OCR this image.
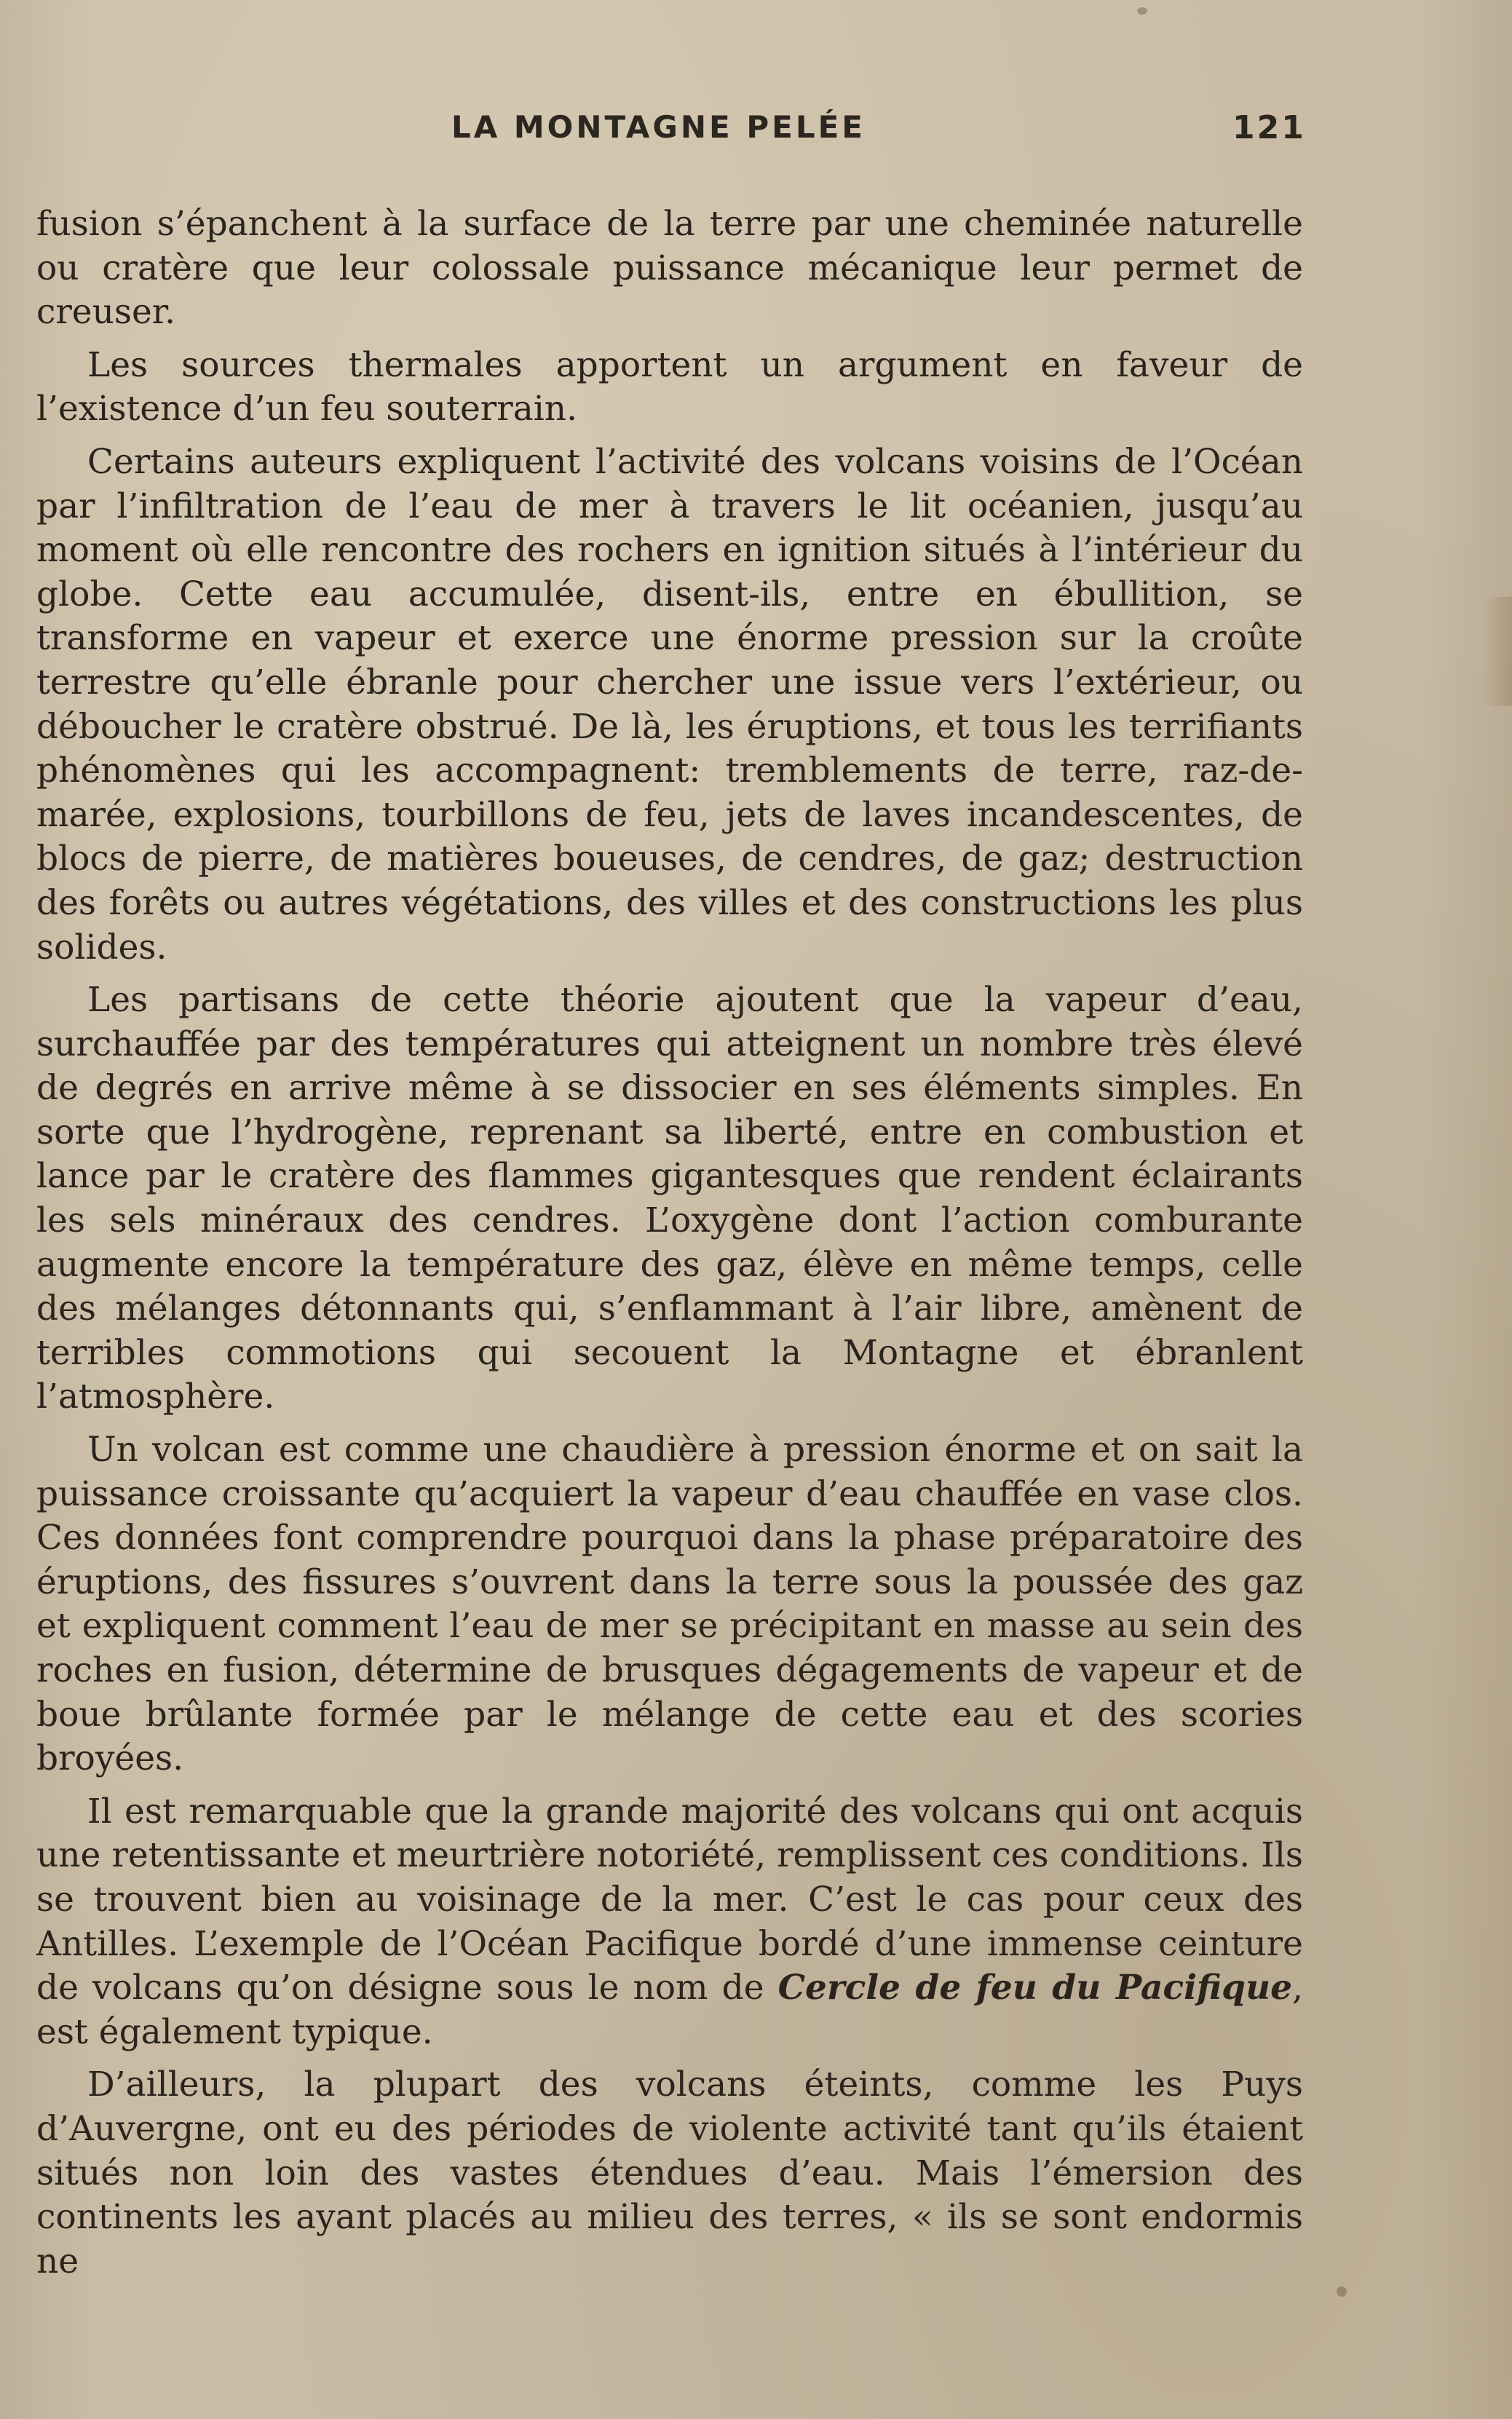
LA MONTAGNE PELÉE	121

fusion s’épanchent à la surface de la terre par une cheminée naturelle ou cratère que leur colossale puissance mécanique leur permet de creuser.

Les sources thermales apportent un argument en faveur de l’existence d’un feu souterrain.

Certains auteurs expliquent l’activité des volcans voisins de l’Océan par l’infiltration de l’eau de mer à travers le lit océanien, jusqu’au moment où elle rencontre des rochers en ignition situés à l’intérieur du globe. Cette eau accumulée, disent-ils, entre en ébullition, se transforme en vapeur et exerce une énorme pression sur la croûte terrestre qu’elle ébranle pour chercher une issue vers l’extérieur, ou déboucher le cratère obstrué. De là, les éruptions, et tous les terrifiants phénomènes qui les accompagnent: tremblements de terre, raz-de-marée, explosions, tourbillons de feu, jets de laves incandescentes, de blocs de pierre, de matières boueuses, de cendres, de gaz; destruction des forêts ou autres végétations, des villes et des constructions les plus solides.

Les partisans de cette théorie ajoutent que la vapeur d’eau, surchauffée par des températures qui atteignent un nombre très élevé de degrés en arrive même à se dissocier en ses éléments simples. En sorte que l’hydrogène, reprenant sa liberté, entre en combustion et lance par le cratère des flammes gigantesques que rendent éclairants les sels minéraux des cendres. L’oxygène dont l’action comburante augmente encore la température des gaz, élève en même temps, celle des mélanges détonnants qui, s’enflammant à l’air libre, amènent de terribles commotions qui secouent la Montagne et ébranlent l’atmosphère.

Un volcan est comme une chaudière à pression énorme et on sait la puissance croissante qu’acquiert la vapeur d’eau chauffée en vase clos. Ces données font comprendre pourquoi dans la phase préparatoire des éruptions, des fissures s’ouvrent dans la terre sous la poussée des gaz et expliquent comment l’eau de mer se précipitant en masse au sein des roches en fusion, détermine de brusques dégagements de vapeur et de boue brûlante formée par le mélange de cette eau et des scories broyées.

Il est remarquable que la grande majorité des volcans qui ont acquis une retentissante et meurtrière notoriété, remplissent ces conditions. Ils se trouvent bien au voisinage de la mer. C’est le cas pour ceux des Antilles. L’exemple de l’Océan Pacifique bordé d’une immense ceinture de volcans qu’on désigne sous le nom de Cercle de feu du Pacifique, est également typique.

D’ailleurs, la plupart des volcans éteints, comme les Puys d’Auvergne, ont eu des périodes de violente activité tant qu’ils étaient situés non loin des vastes étendues d’eau. Mais l’émersion des continents les ayant placés au milieu des terres, « ils se sont endormis ne
